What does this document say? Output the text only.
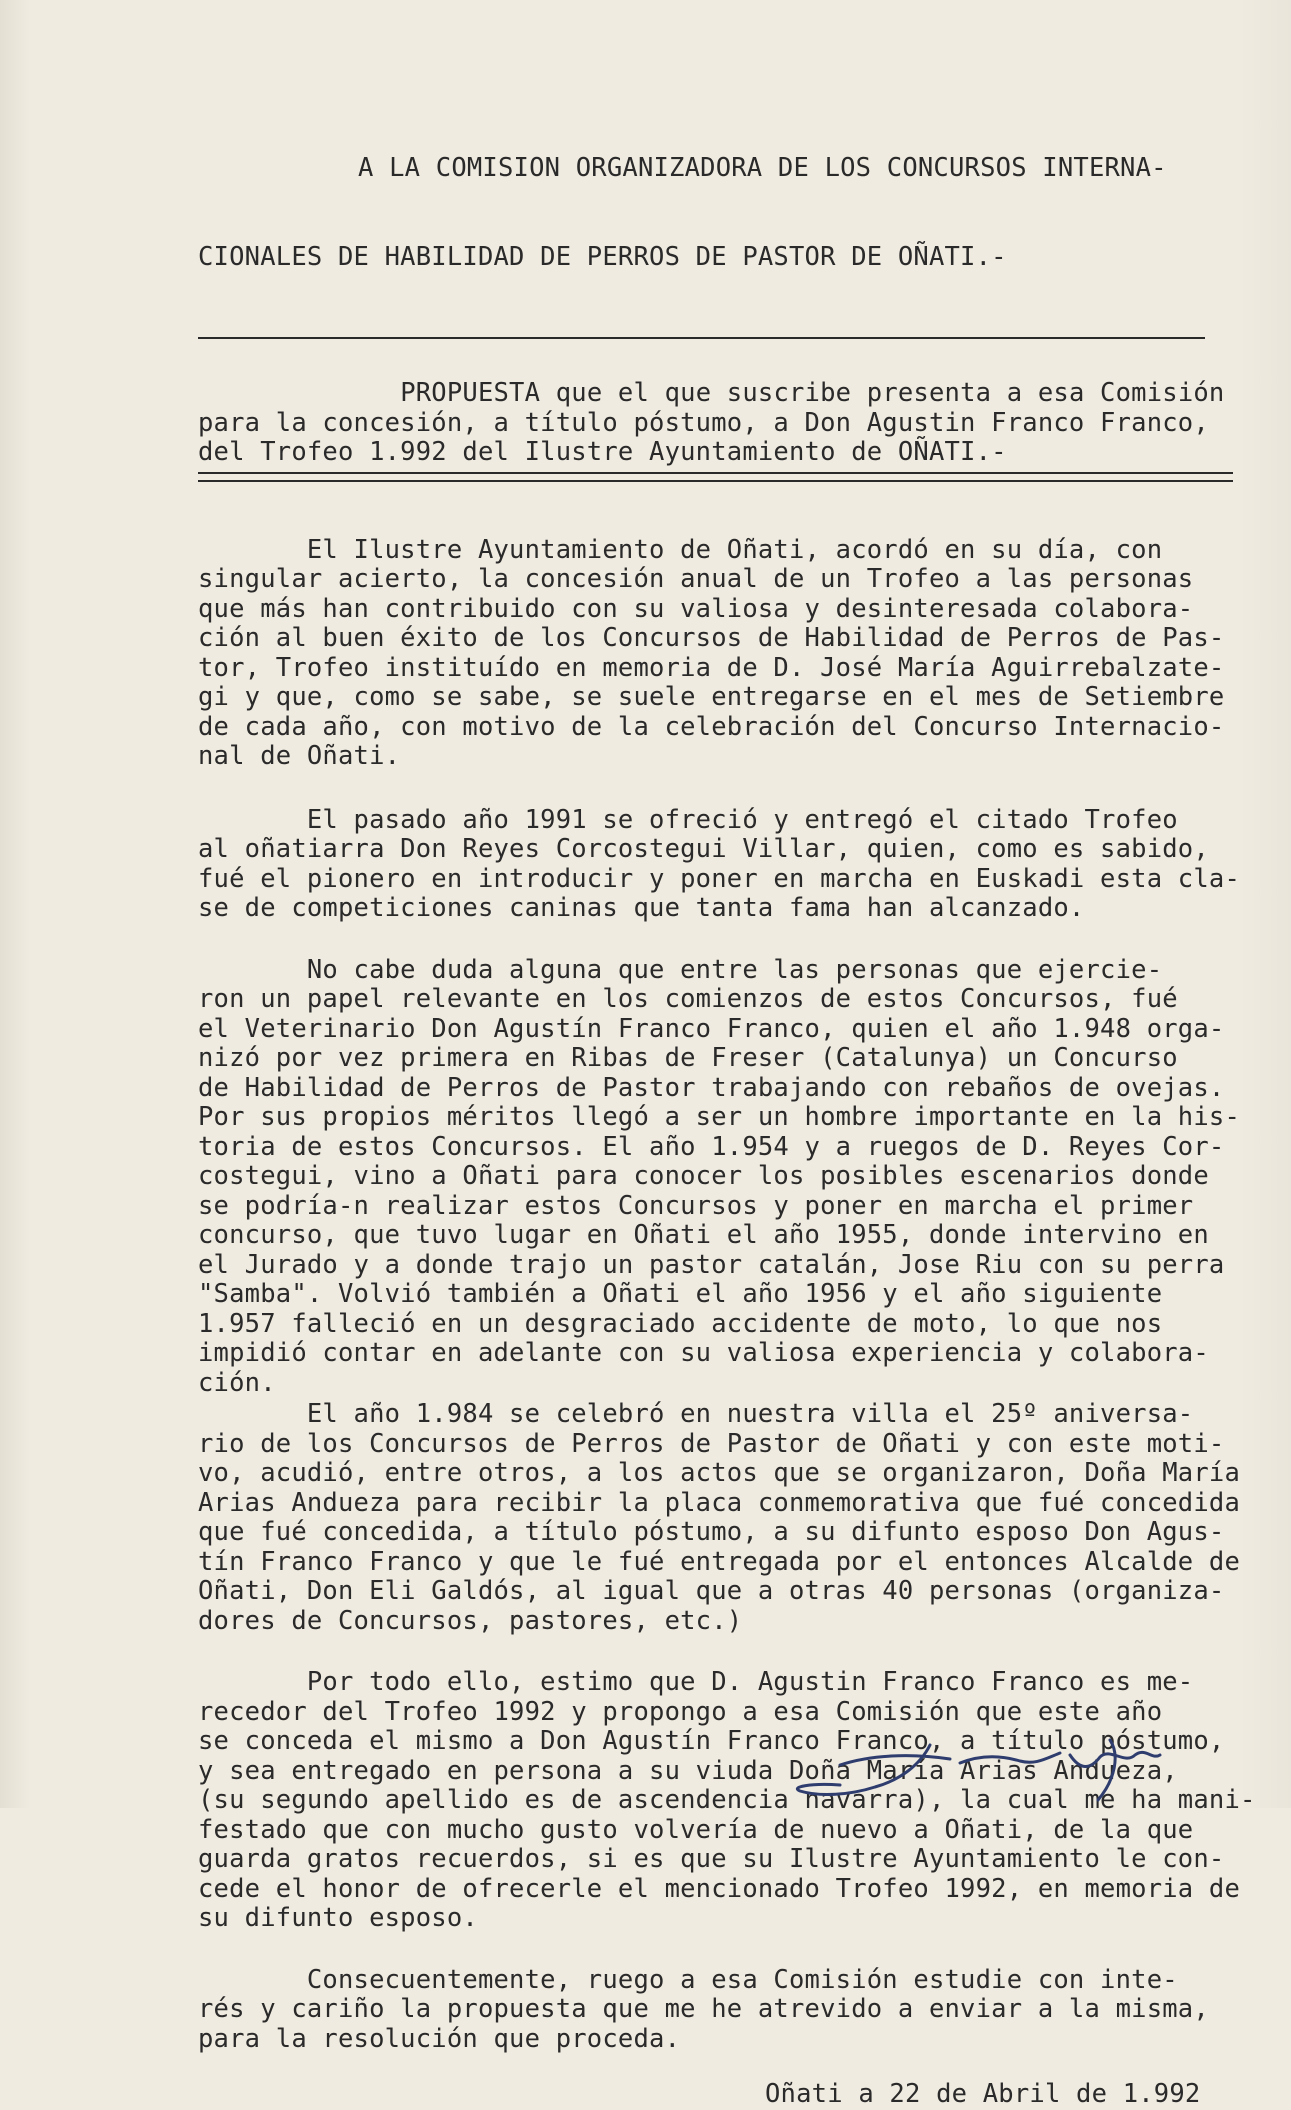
A LA COMISION ORGANIZADORA DE LOS CONCURSOS INTERNA-

CIONALES DE HABILIDAD DE PERROS DE PASTOR DE OÑATI.-

PROPUESTA que el que suscribe presenta a esa Comisión
para la concesión, a título póstumo, a Don Agustin Franco Franco,
del Trofeo 1.992 del Ilustre Ayuntamiento de OÑATI.-
El Ilustre Ayuntamiento de Oñati, acordó en su día, con
singular acierto, la concesión anual de un Trofeo a las personas
que más han contribuido con su valiosa y desinteresada colabora-
ción al buen éxito de los Concursos de Habilidad de Perros de Pas-
tor, Trofeo instituído en memoria de D. José María Aguirrebalzate-
gi y que, como se sabe, se suele entregarse en el mes de Setiembre
de cada año, con motivo de la celebración del Concurso Internacio-
nal de Oñati.
El pasado año 1991 se ofreció y entregó el citado Trofeo
al oñatiarra Don Reyes Corcostegui Villar, quien, como es sabido,
fué el pionero en introducir y poner en marcha en Euskadi esta cla-
se de competiciones caninas que tanta fama han alcanzado.
No cabe duda alguna que entre las personas que ejercie-
ron un papel relevante en los comienzos de estos Concursos, fué
el Veterinario Don Agustín Franco Franco, quien el año 1.948 orga-
nizó por vez primera en Ribas de Freser (Catalunya) un Concurso
de Habilidad de Perros de Pastor trabajando con rebaños de ovejas.
Por sus propios méritos llegó a ser un hombre importante en la his-
toria de estos Concursos. El año 1.954 y a ruegos de D. Reyes Cor-
costegui, vino a Oñati para conocer los posibles escenarios donde
se podría-n realizar estos Concursos y poner en marcha el primer
concurso, que tuvo lugar en Oñati el año 1955, donde intervino en
el Jurado y a donde trajo un pastor catalán, Jose Riu con su perra
"Samba". Volvió también a Oñati el año 1956 y el año siguiente
1.957 falleció en un desgraciado accidente de moto, lo que nos
impidió contar en adelante con su valiosa experiencia y colabora-
ción.
El año 1.984 se celebró en nuestra villa el 25º aniversa-
rio de los Concursos de Perros de Pastor de Oñati y con este moti-
vo, acudió, entre otros, a los actos que se organizaron, Doña María
Arias Andueza para recibir la placa conmemorativa que fué concedida
que fué concedida, a título póstumo, a su difunto esposo Don Agus-
tín Franco Franco y que le fué entregada por el entonces Alcalde de
Oñati, Don Eli Galdós, al igual que a otras 40 personas (organiza-
dores de Concursos, pastores, etc.)
Por todo ello, estimo que D. Agustin Franco Franco es me-
recedor del Trofeo 1992 y propongo a esa Comisión que este año
se conceda el mismo a Don Agustín Franco Franco, a título póstumo,
y sea entregado en persona a su viuda Doña María Arias Andueza,
(su segundo apellido es de ascendencia navarra), la cual me ha mani-
festado que con mucho gusto volvería de nuevo a Oñati, de la que
guarda gratos recuerdos, si es que su Ilustre Ayuntamiento le con-
cede el honor de ofrecerle el mencionado Trofeo 1992, en memoria de
su difunto esposo.
Consecuentemente, ruego a esa Comisión estudie con inte-
rés y cariño la propuesta que me he atrevido a enviar a la misma,
para la resolución que proceda.
Oñati a 22 de Abril de 1.992
